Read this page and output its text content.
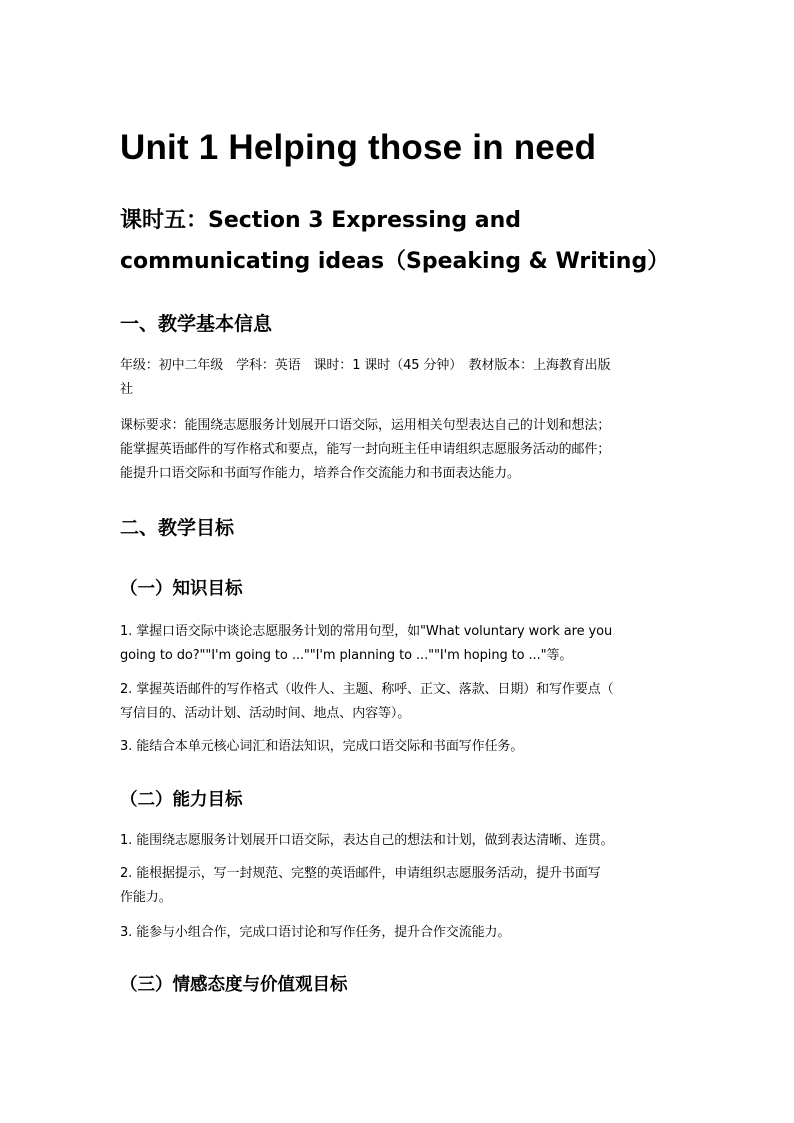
Unit 1 Helping those in need
课时五：Section 3 Expressing and
communicating ideas（Speaking & Writing）
一、教学基本信息
年级：初中二年级　学科：英语　课时：1 课时（45 分钟）　教材版本：上海教育出版
社
课标要求：能围绕志愿服务计划展开口语交际，运用相关句型表达自己的计划和想法；
能掌握英语邮件的写作格式和要点，能写一封向班主任申请组织志愿服务活动的邮件；
能提升口语交际和书面写作能力，培养合作交流能力和书面表达能力。
二、教学目标
（一）知识目标
1. 掌握口语交际中谈论志愿服务计划的常用句型，如"What voluntary work are you
going to do?""I'm going to ...""I'm planning to ...""I'm hoping to ..."等。
2. 掌握英语邮件的写作格式（收件人、主题、称呼、正文、落款、日期）和写作要点（
写信目的、活动计划、活动时间、地点、内容等）。
3. 能结合本单元核心词汇和语法知识，完成口语交际和书面写作任务。
（二）能力目标
1. 能围绕志愿服务计划展开口语交际，表达自己的想法和计划，做到表达清晰、连贯。
2. 能根据提示，写一封规范、完整的英语邮件，申请组织志愿服务活动，提升书面写
作能力。
3. 能参与小组合作，完成口语讨论和写作任务，提升合作交流能力。
（三）情感态度与价值观目标
